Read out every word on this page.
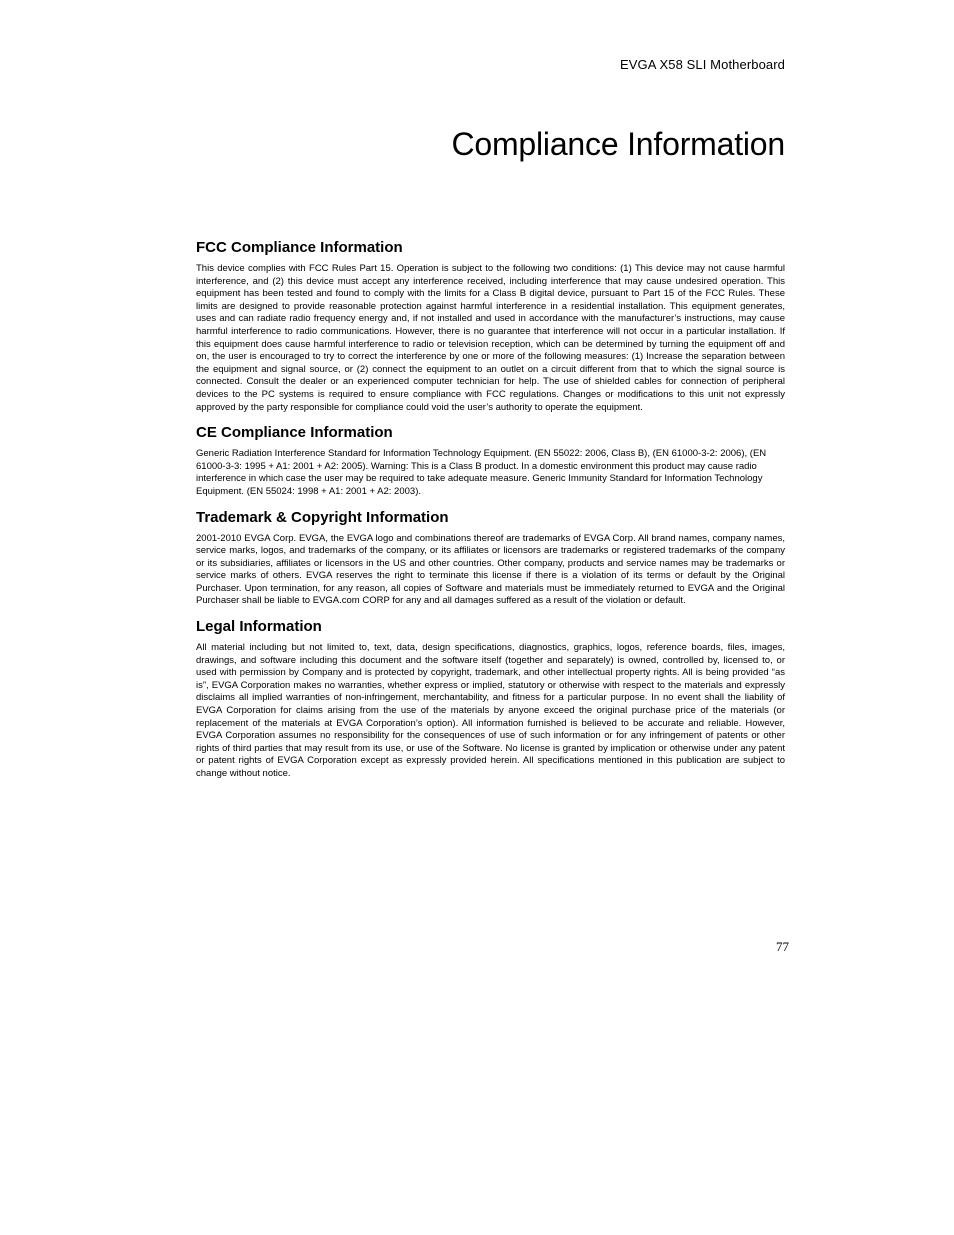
EVGA X58 SLI Motherboard
Compliance Information
FCC Compliance Information

This device complies with FCC Rules Part 15. Operation is subject to the following two conditions: (1) This device may not cause harmful interference, and (2) this device must accept any interference received, including interference that may cause undesired operation. This equipment has been tested and found to comply with the limits for a Class B digital device, pursuant to Part 15 of the FCC Rules. These limits are designed to provide reasonable protection against harmful interference in a residential installation. This equipment generates, uses and can radiate radio frequency energy and, if not installed and used in accordance with the manufacturer’s instructions, may cause harmful interference to radio communications. However, there is no guarantee that interference will not occur in a particular installation. If this equipment does cause harmful interference to radio or television reception, which can be determined by turning the equipment off and on, the user is encouraged to try to correct the interference by one or more of the following measures: (1) Increase the separation between the equipment and signal source, or (2) connect the equipment to an outlet on a circuit different from that to which the signal source is connected. Consult the dealer or an experienced computer technician for help. The use of shielded cables for connection of peripheral devices to the PC systems is required to ensure compliance with FCC regulations. Changes or modifications to this unit not expressly approved by the party responsible for compliance could void the user’s authority to operate the equipment.

CE Compliance Information

Generic Radiation Interference Standard for Information Technology Equipment. (EN 55022: 2006, Class B), (EN 61000-3-2: 2006), (EN 61000-3-3: 1995 + A1: 2001 + A2: 2005). Warning: This is a Class B product. In a domestic environment this product may cause radio interference in which case the user may be required to take adequate measure. Generic Immunity Standard for Information Technology Equipment. (EN 55024: 1998 + A1: 2001 + A2: 2003).

Trademark & Copyright Information

2001-2010 EVGA Corp. EVGA, the EVGA logo and combinations thereof are trademarks of EVGA Corp. All brand names, company names, service marks, logos, and trademarks of the company, or its affiliates or licensors are trademarks or registered trademarks of the company or its subsidiaries, affiliates or licensors in the US and other countries. Other company, products and service names may be trademarks or service marks of others. EVGA reserves the right to terminate this license if there is a violation of its terms or default by the Original Purchaser. Upon termination, for any reason, all copies of Software and materials must be immediately returned to EVGA and the Original Purchaser shall be liable to EVGA.com CORP for any and all damages suffered as a result of the violation or default.

Legal Information

All material including but not limited to, text, data, design specifications, diagnostics, graphics, logos, reference boards, files, images, drawings, and software including this document and the software itself (together and separately) is owned, controlled by, licensed to, or used with permission by Company and is protected by copyright, trademark, and other intellectual property rights. All is being provided “as is”, EVGA Corporation makes no warranties, whether express or implied, statutory or otherwise with respect to the materials and expressly disclaims all implied warranties of non-infringement, merchantability, and fitness for a particular purpose. In no event shall the liability of EVGA Corporation for claims arising from the use of the materials by anyone exceed the original purchase price of the materials (or replacement of the materials at EVGA Corporation’s option). All information furnished is believed to be accurate and reliable. However, EVGA Corporation assumes no responsibility for the consequences of use of such information or for any infringement of patents or other rights of third parties that may result from its use, or use of the Software. No license is granted by implication or otherwise under any patent or patent rights of EVGA Corporation except as expressly provided herein. All specifications mentioned in this publication are subject to change without notice.

77
